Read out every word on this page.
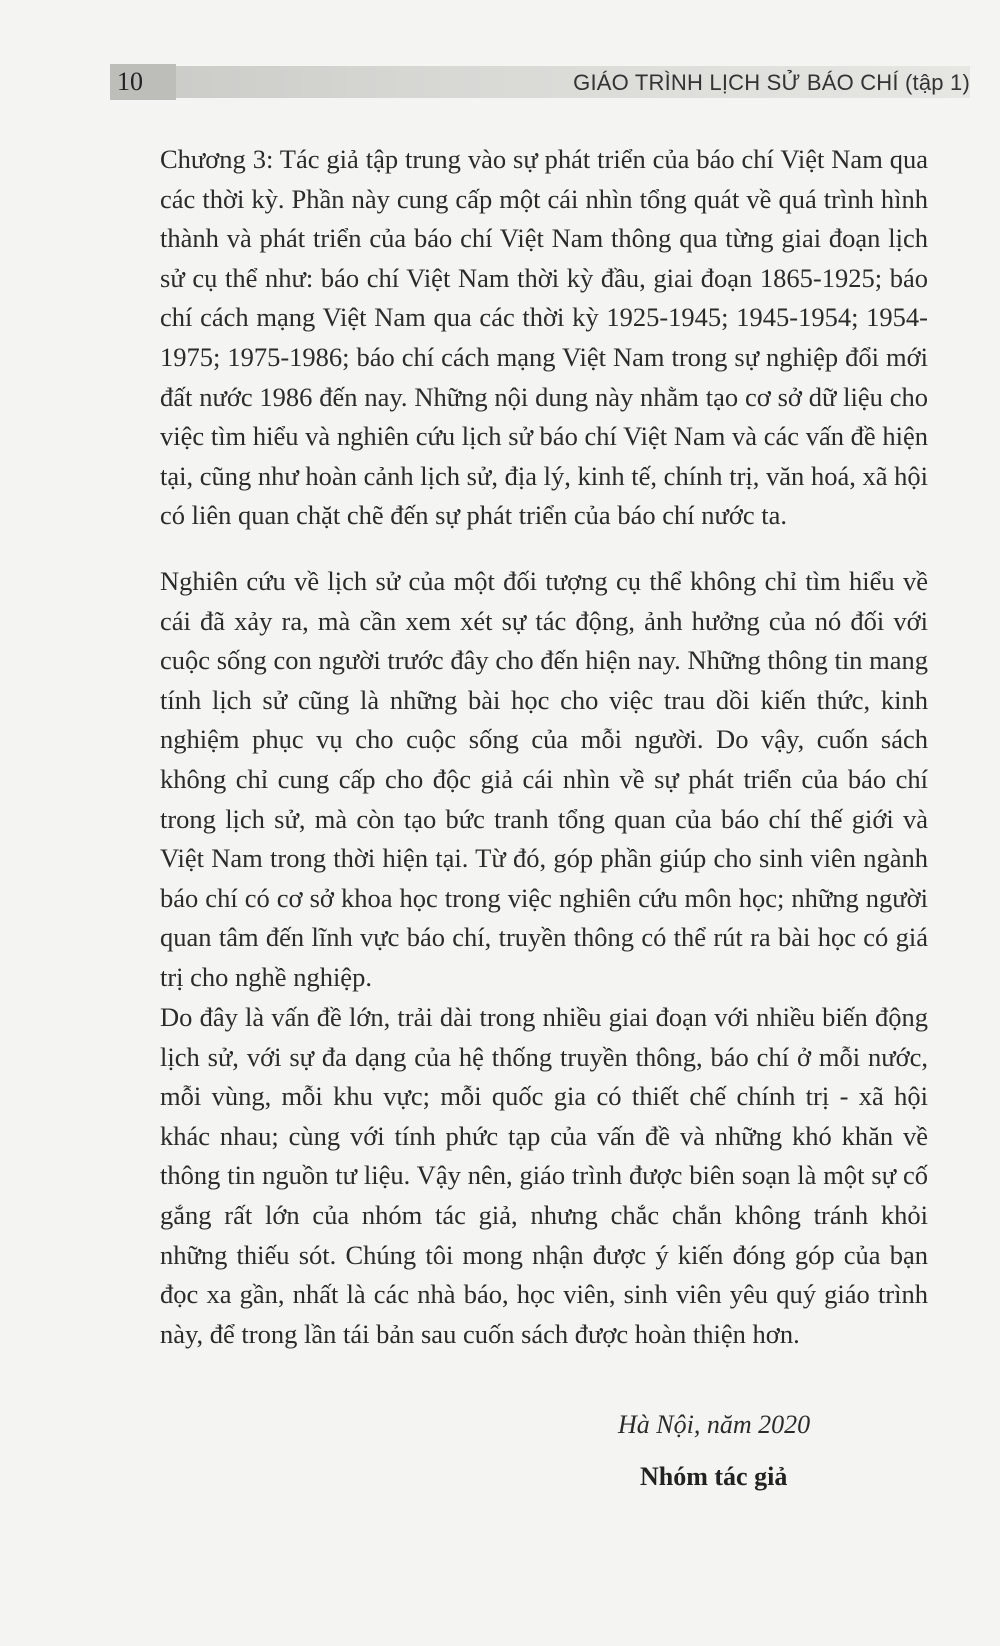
10	GIÁO TRÌNH LỊCH SỬ BÁO CHÍ (tập 1)

Chương 3: Tác giả tập trung vào sự phát triển của báo chí Việt Nam qua các thời kỳ. Phần này cung cấp một cái nhìn tổng quát về quá trình hình thành và phát triển của báo chí Việt Nam thông qua từng giai đoạn lịch sử cụ thể như: báo chí Việt Nam thời kỳ đầu, giai đoạn 1865-1925; báo chí cách mạng Việt Nam qua các thời kỳ 1925-1945; 1945-1954; 1954-1975; 1975-1986; báo chí cách mạng Việt Nam trong sự nghiệp đổi mới đất nước 1986 đến nay. Những nội dung này nhằm tạo cơ sở dữ liệu cho việc tìm hiểu và nghiên cứu lịch sử báo chí Việt Nam và các vấn đề hiện tại, cũng như hoàn cảnh lịch sử, địa lý, kinh tế, chính trị, văn hoá, xã hội có liên quan chặt chẽ đến sự phát triển của báo chí nước ta.

Nghiên cứu về lịch sử của một đối tượng cụ thể không chỉ tìm hiểu về cái đã xảy ra, mà cần xem xét sự tác động, ảnh hưởng của nó đối với cuộc sống con người trước đây cho đến hiện nay. Những thông tin mang tính lịch sử cũng là những bài học cho việc trau dồi kiến thức, kinh nghiệm phục vụ cho cuộc sống của mỗi người. Do vậy, cuốn sách không chỉ cung cấp cho độc giả cái nhìn về sự phát triển của báo chí trong lịch sử, mà còn tạo bức tranh tổng quan của báo chí thế giới và Việt Nam trong thời hiện tại. Từ đó, góp phần giúp cho sinh viên ngành báo chí có cơ sở khoa học trong việc nghiên cứu môn học; những người quan tâm đến lĩnh vực báo chí, truyền thông có thể rút ra bài học có giá trị cho nghề nghiệp.

Do đây là vấn đề lớn, trải dài trong nhiều giai đoạn với nhiều biến động lịch sử, với sự đa dạng của hệ thống truyền thông, báo chí ở mỗi nước, mỗi vùng, mỗi khu vực; mỗi quốc gia có thiết chế chính trị - xã hội khác nhau; cùng với tính phức tạp của vấn đề và những khó khăn về thông tin nguồn tư liệu. Vậy nên, giáo trình được biên soạn là một sự cố gắng rất lớn của nhóm tác giả, nhưng chắc chắn không tránh khỏi những thiếu sót. Chúng tôi mong nhận được ý kiến đóng góp của bạn đọc xa gần, nhất là các nhà báo, học viên, sinh viên yêu quý giáo trình này, để trong lần tái bản sau cuốn sách được hoàn thiện hơn.

Hà Nội, năm 2020
Nhóm tác giả
